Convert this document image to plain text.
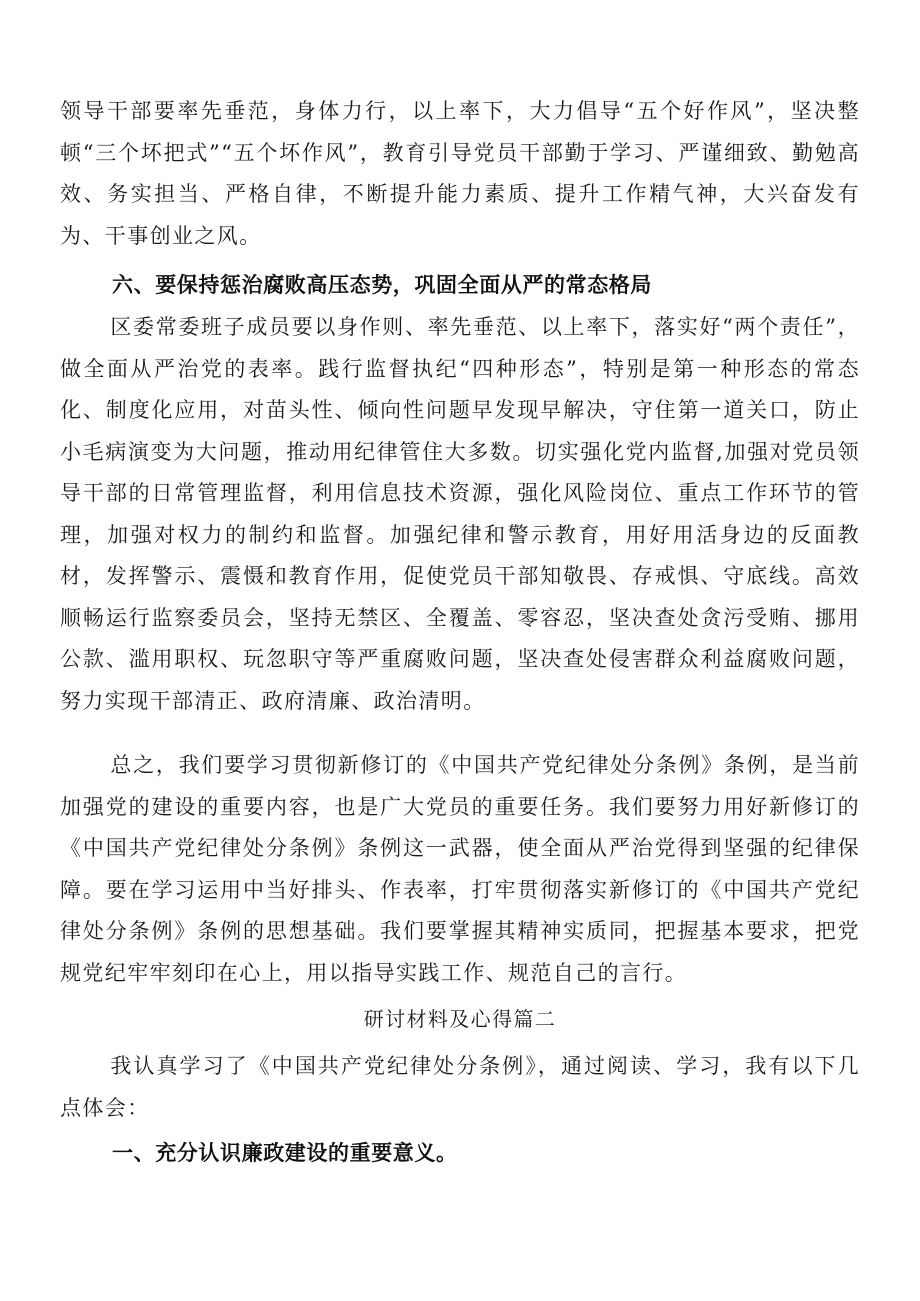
领导干部要率先垂范，身体力行，以上率下，大力倡导“五个好作风”，坚决整顿“三个坏把式”“五个坏作风”，教育引导党员干部勤于学习、严谨细致、勤勉高效、务实担当、严格自律，不断提升能力素质、提升工作精气神，大兴奋发有为、干事创业之风。

六、要保持惩治腐败高压态势，巩固全面从严的常态格局

区委常委班子成员要以身作则、率先垂范、以上率下，落实好“两个责任”，做全面从严治党的表率。践行监督执纪“四种形态”，特别是第一种形态的常态化、制度化应用，对苗头性、倾向性问题早发现早解决，守住第一道关口，防止小毛病演变为大问题，推动用纪律管住大多数。切实强化党内监督,加强对党员领导干部的日常管理监督，利用信息技术资源，强化风险岗位、重点工作环节的管理，加强对权力的制约和监督。加强纪律和警示教育，用好用活身边的反面教材，发挥警示、震慑和教育作用，促使党员干部知敬畏、存戒惧、守底线。高效顺畅运行监察委员会，坚持无禁区、全覆盖、零容忍，坚决查处贪污受贿、挪用公款、滥用职权、玩忽职守等严重腐败问题，坚决查处侵害群众利益腐败问题，努力实现干部清正、政府清廉、政治清明。

总之，我们要学习贯彻新修订的《中国共产党纪律处分条例》条例，是当前加强党的建设的重要内容，也是广大党员的重要任务。我们要努力用好新修订的《中国共产党纪律处分条例》条例这一武器，使全面从严治党得到坚强的纪律保障。要在学习运用中当好排头、作表率，打牢贯彻落实新修订的《中国共产党纪律处分条例》条例的思想基础。我们要掌握其精神实质同，把握基本要求，把党规党纪牢牢刻印在心上，用以指导实践工作、规范自己的言行。

研讨材料及心得篇二

我认真学习了《中国共产党纪律处分条例》，通过阅读、学习，我有以下几点体会：

一、充分认识廉政建设的重要意义。
